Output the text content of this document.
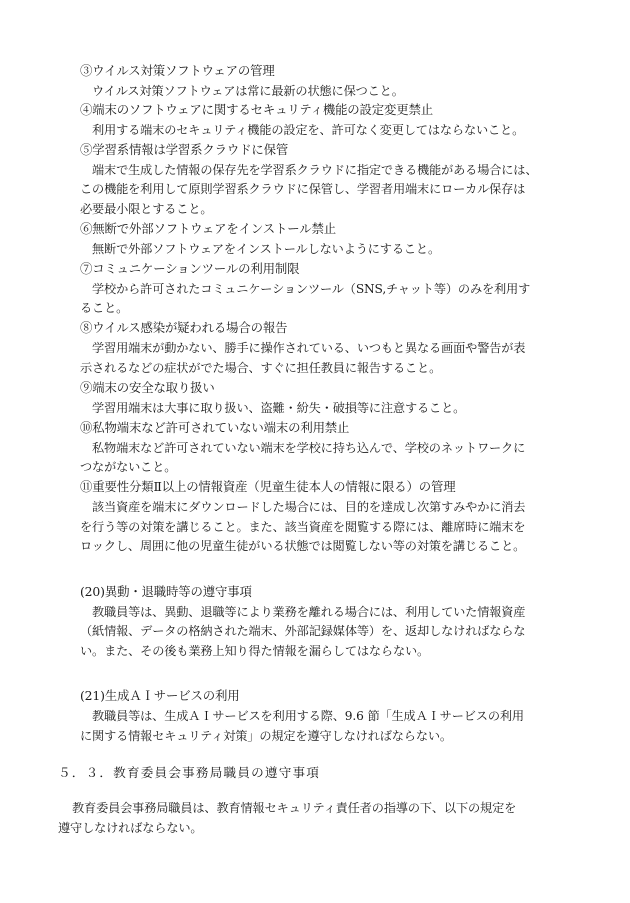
③ウイルス対策ソフトウェアの管理
ウイルス対策ソフトウェアは常に最新の状態に保つこと。
④端末のソフトウェアに関するセキュリティ機能の設定変更禁止
利用する端末のセキュリティ機能の設定を、許可なく変更してはならないこと。
⑤学習系情報は学習系クラウドに保管
端末で生成した情報の保存先を学習系クラウドに指定できる機能がある場合には、
この機能を利用して原則学習系クラウドに保管し、学習者用端末にローカル保存は
必要最小限とすること。
⑥無断で外部ソフトウェアをインストール禁止
無断で外部ソフトウェアをインストールしないようにすること。
⑦コミュニケーションツールの利用制限
学校から許可されたコミュニケーションツール（SNS,チャット等）のみを利用す
ること。
⑧ウイルス感染が疑われる場合の報告
学習用端末が動かない、勝手に操作されている、いつもと異なる画面や警告が表
示されるなどの症状がでた場合、すぐに担任教員に報告すること。
⑨端末の安全な取り扱い
学習用端末は大事に取り扱い、盗難・紛失・破損等に注意すること。
⑩私物端末など許可されていない端末の利用禁止
私物端末など許可されていない端末を学校に持ち込んで、学校のネットワークに
つながないこと。
⑪重要性分類Ⅱ以上の情報資産（児童生徒本人の情報に限る）の管理
該当資産を端末にダウンロードした場合には、目的を達成し次第すみやかに消去
を行う等の対策を講じること。また、該当資産を閲覧する際には、離席時に端末を
ロックし、周囲に他の児童生徒がいる状態では閲覧しない等の対策を講じること。
(20)異動・退職時等の遵守事項
教職員等は、異動、退職等により業務を離れる場合には、利用していた情報資産
（紙情報、データの格納された端末、外部記録媒体等）を、返却しなければならな
い。また、その後も業務上知り得た情報を漏らしてはならない。
(21)生成ＡＩサービスの利用
教職員等は、生成ＡＩサービスを利用する際、9.6 節「生成ＡＩサービスの利用
に関する情報セキュリティ対策」の規定を遵守しなければならない。
５．３．教育委員会事務局職員の遵守事項
教育委員会事務局職員は、教育情報セキュリティ責任者の指導の下、以下の規定を
遵守しなければならない。
